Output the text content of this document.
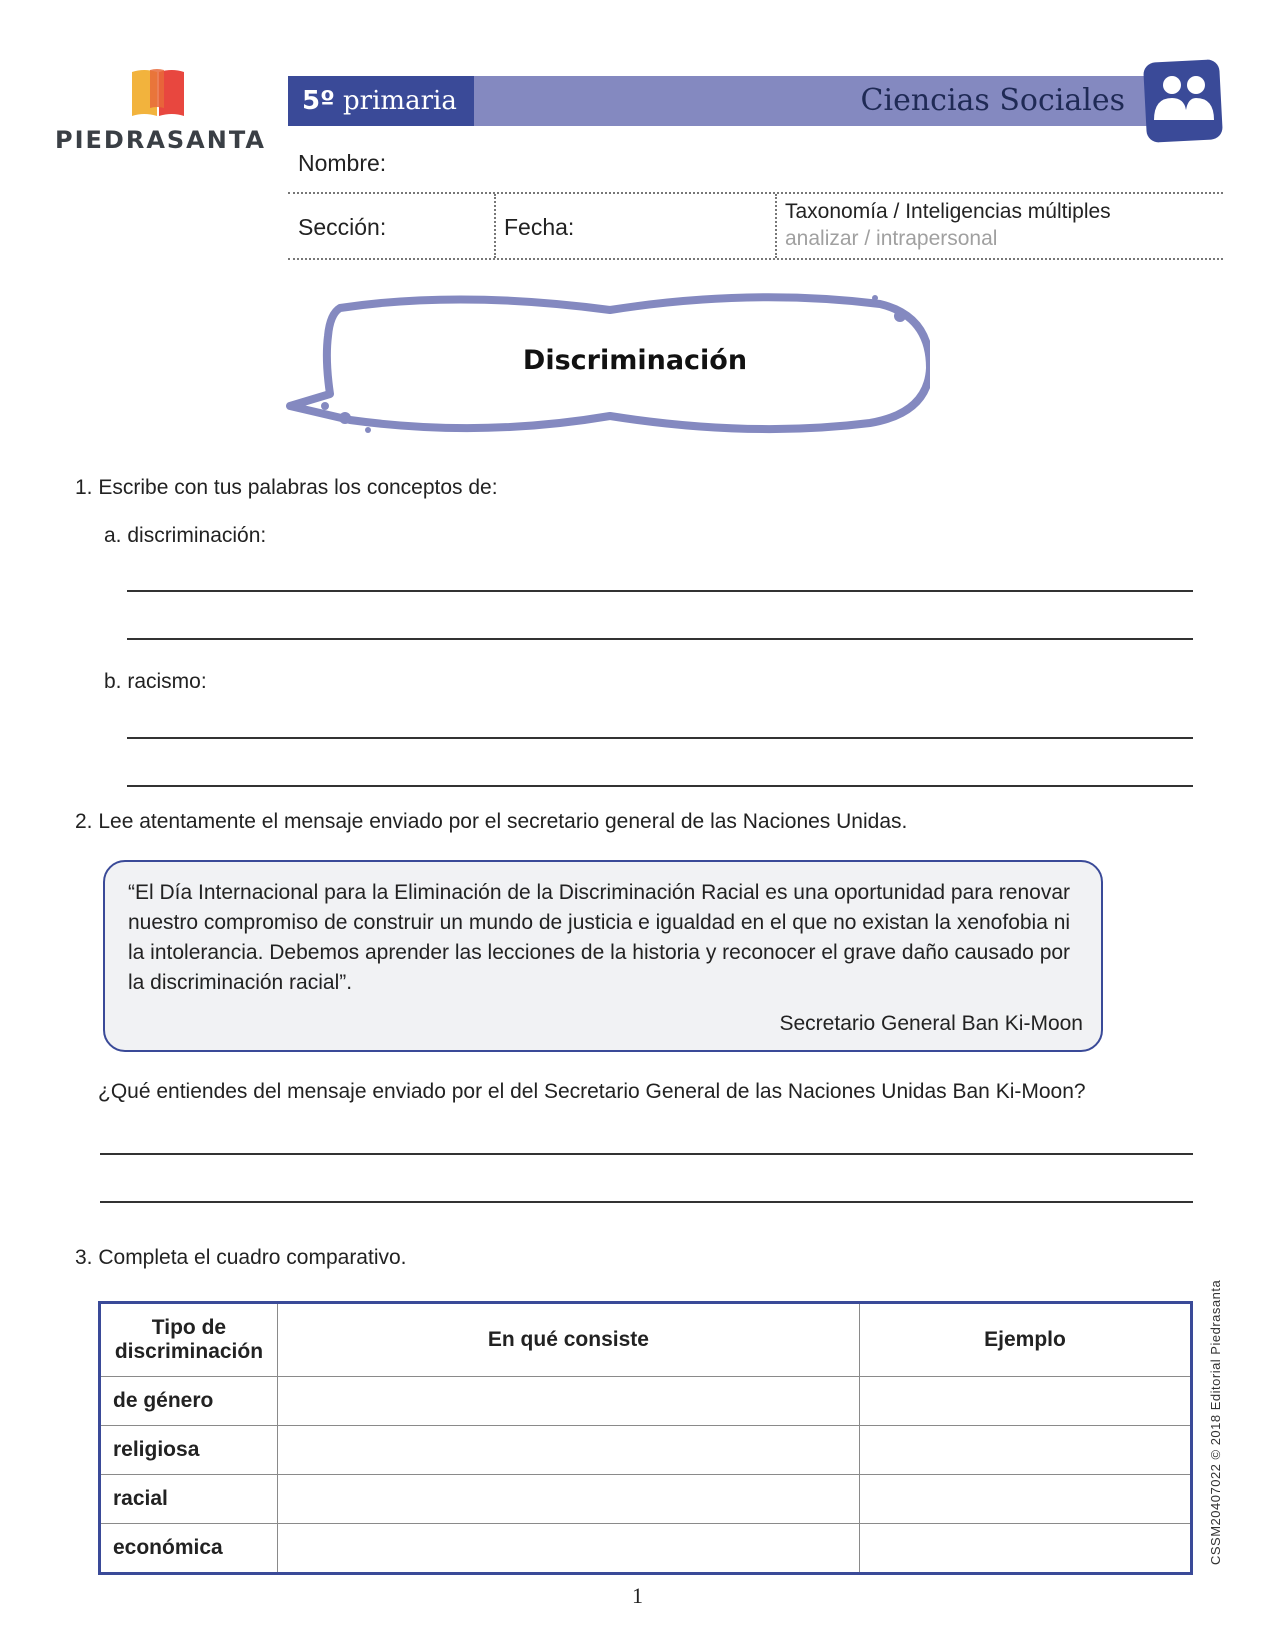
PIEDRASANTA
5º primaria	Ciencias Sociales
Nombre:
Sección:	Fecha:
Taxonomía / Inteligencias múltiples
analizar / intrapersonal
Discriminación
1. Escribe con tus palabras los conceptos de:
a. discriminación:
b. racismo:
2. Lee atentamente el mensaje enviado por el secretario general de las Naciones Unidas.
“El Día Internacional para la Eliminación de la Discriminación Racial es una oportunidad para renovar nuestro compromiso de construir un mundo de justicia e igualdad en el que no existan la xenofobia ni la intolerancia. Debemos aprender las lecciones de la historia y reconocer el grave daño causado por la discriminación racial”.
Secretario General Ban Ki-Moon
¿Qué entiendes del mensaje enviado por el del Secretario General de las Naciones Unidas Ban Ki-Moon?
3. Completa el cuadro comparativo.
Tipo de discriminación	En qué consiste	Ejemplo
de género		
religiosa		
racial		
económica			CSSM20407022 © 2018 Editorial Piedrasanta
1
